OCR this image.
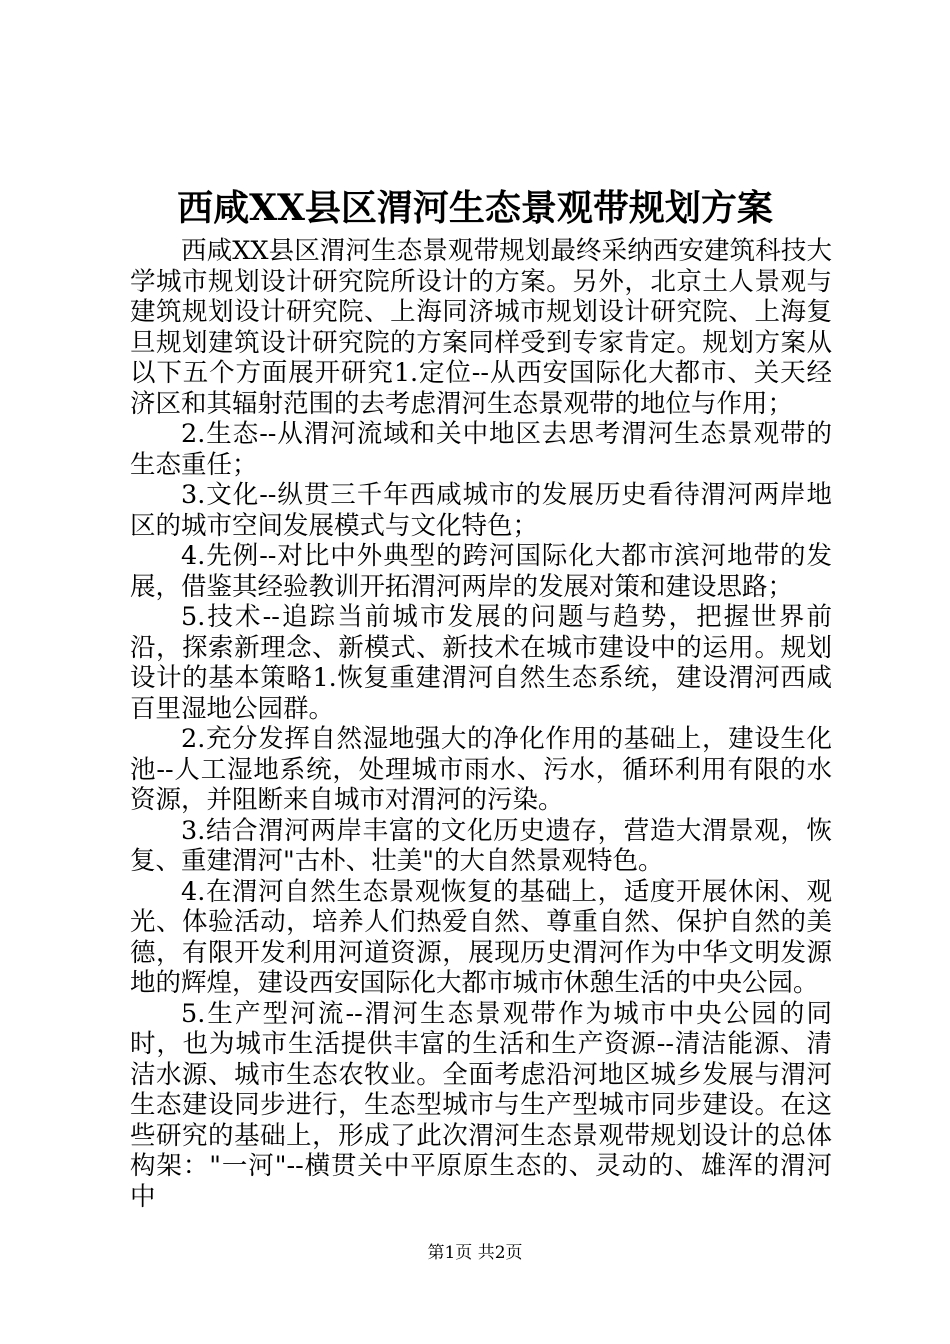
西咸XX县区渭河生态景观带规划方案

西咸XX县区渭河生态景观带规划最终采纳西安建筑科技大学城市规划设计研究院所设计的方案。另外，北京土人景观与建筑规划设计研究院、上海同济城市规划设计研究院、上海复旦规划建筑设计研究院的方案同样受到专家肯定。规划方案从以下五个方面展开研究1.定位--从西安国际化大都市、关天经济区和其辐射范围的去考虑渭河生态景观带的地位与作用；

2.生态--从渭河流域和关中地区去思考渭河生态景观带的生态重任；

3.文化--纵贯三千年西咸城市的发展历史看待渭河两岸地区的城市空间发展模式与文化特色；

4.先例--对比中外典型的跨河国际化大都市滨河地带的发展，借鉴其经验教训开拓渭河两岸的发展对策和建设思路；

5.技术--追踪当前城市发展的问题与趋势，把握世界前沿，探索新理念、新模式、新技术在城市建设中的运用。规划设计的基本策略1.恢复重建渭河自然生态系统，建设渭河西咸百里湿地公园群。

2.充分发挥自然湿地强大的净化作用的基础上，建设生化池--人工湿地系统，处理城市雨水、污水，循环利用有限的水资源，并阻断来自城市对渭河的污染。

3.结合渭河两岸丰富的文化历史遗存，营造大渭景观，恢复、重建渭河"古朴、壮美"的大自然景观特色。

4.在渭河自然生态景观恢复的基础上，适度开展休闲、观光、体验活动，培养人们热爱自然、尊重自然、保护自然的美德，有限开发利用河道资源，展现历史渭河作为中华文明发源地的辉煌，建设西安国际化大都市城市休憩生活的中央公园。

5.生产型河流--渭河生态景观带作为城市中央公园的同时，也为城市生活提供丰富的生活和生产资源--清洁能源、清洁水源、城市生态农牧业。全面考虑沿河地区城乡发展与渭河生态建设同步进行，生态型城市与生产型城市同步建设。在这些研究的基础上，形成了此次渭河生态景观带规划设计的总体构架："一河"--横贯关中平原原生态的、灵动的、雄浑的渭河中

第1页 共2页
